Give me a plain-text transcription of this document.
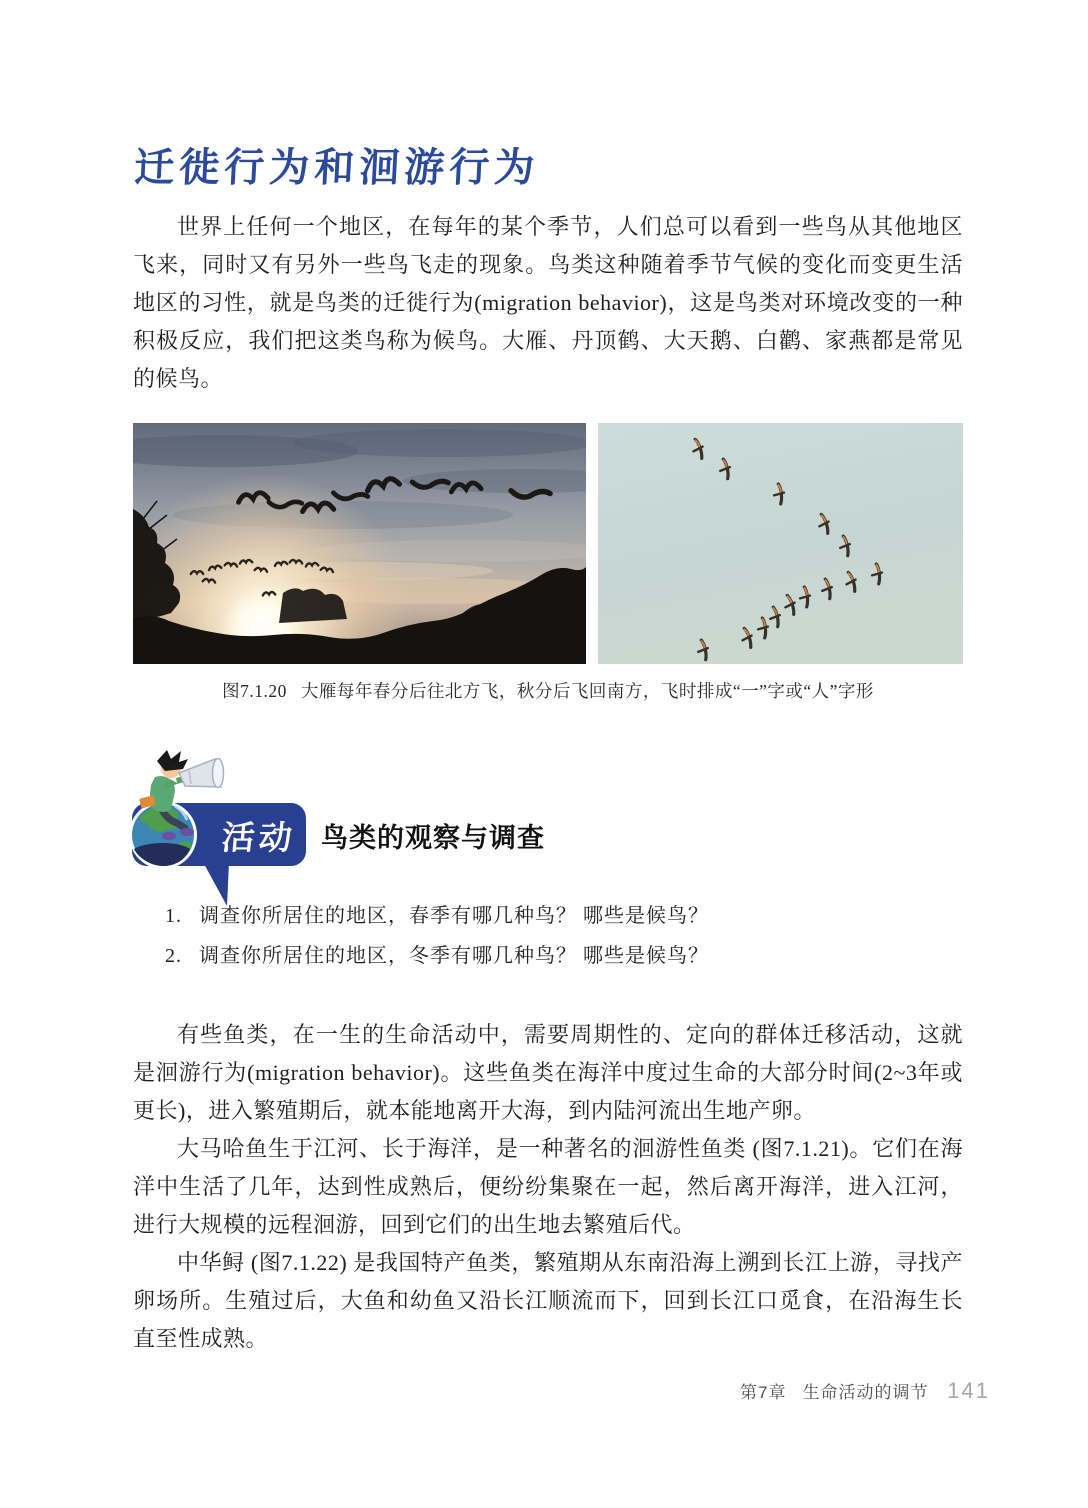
迁徙行为和洄游行为

世界上任何一个地区，在每年的某个季节，人们总可以看到一些鸟从其他地区飞来，同时又有另外一些鸟飞走的现象。鸟类这种随着季节气候的变化而变更生活地区的习性，就是鸟类的迁徙行为(migration behavior)，这是鸟类对环境改变的一种积极反应，我们把这类鸟称为候鸟。大雁、丹顶鹤、大天鹅、白鹳、家燕都是常见的候鸟。

图7.1.20 大雁每年春分后往北方飞，秋分后飞回南方，飞时排成“一”字或“人”字形
活动 鸟类的观察与调查
1. 调查你所居住的地区，春季有哪几种鸟？ 哪些是候鸟？
2. 调查你所居住的地区，冬季有哪几种鸟？ 哪些是候鸟？

有些鱼类，在一生的生命活动中，需要周期性的、定向的群体迁移活动，这就是洄游行为(migration behavior)。这些鱼类在海洋中度过生命的大部分时间(2~3年或更长)，进入繁殖期后，就本能地离开大海，到内陆河流出生地产卵。

大马哈鱼生于江河、长于海洋，是一种著名的洄游性鱼类 (图7.1.21)。它们在海洋中生活了几年，达到性成熟后，便纷纷集聚在一起，然后离开海洋，进入江河，进行大规模的远程洄游，回到它们的出生地去繁殖后代。

中华鲟 (图7.1.22) 是我国特产鱼类，繁殖期从东南沿海上溯到长江上游，寻找产卵场所。生殖过后，大鱼和幼鱼又沿长江顺流而下，回到长江口觅食，在沿海生长直至性成熟。

第7章 生命活动的调节 141
